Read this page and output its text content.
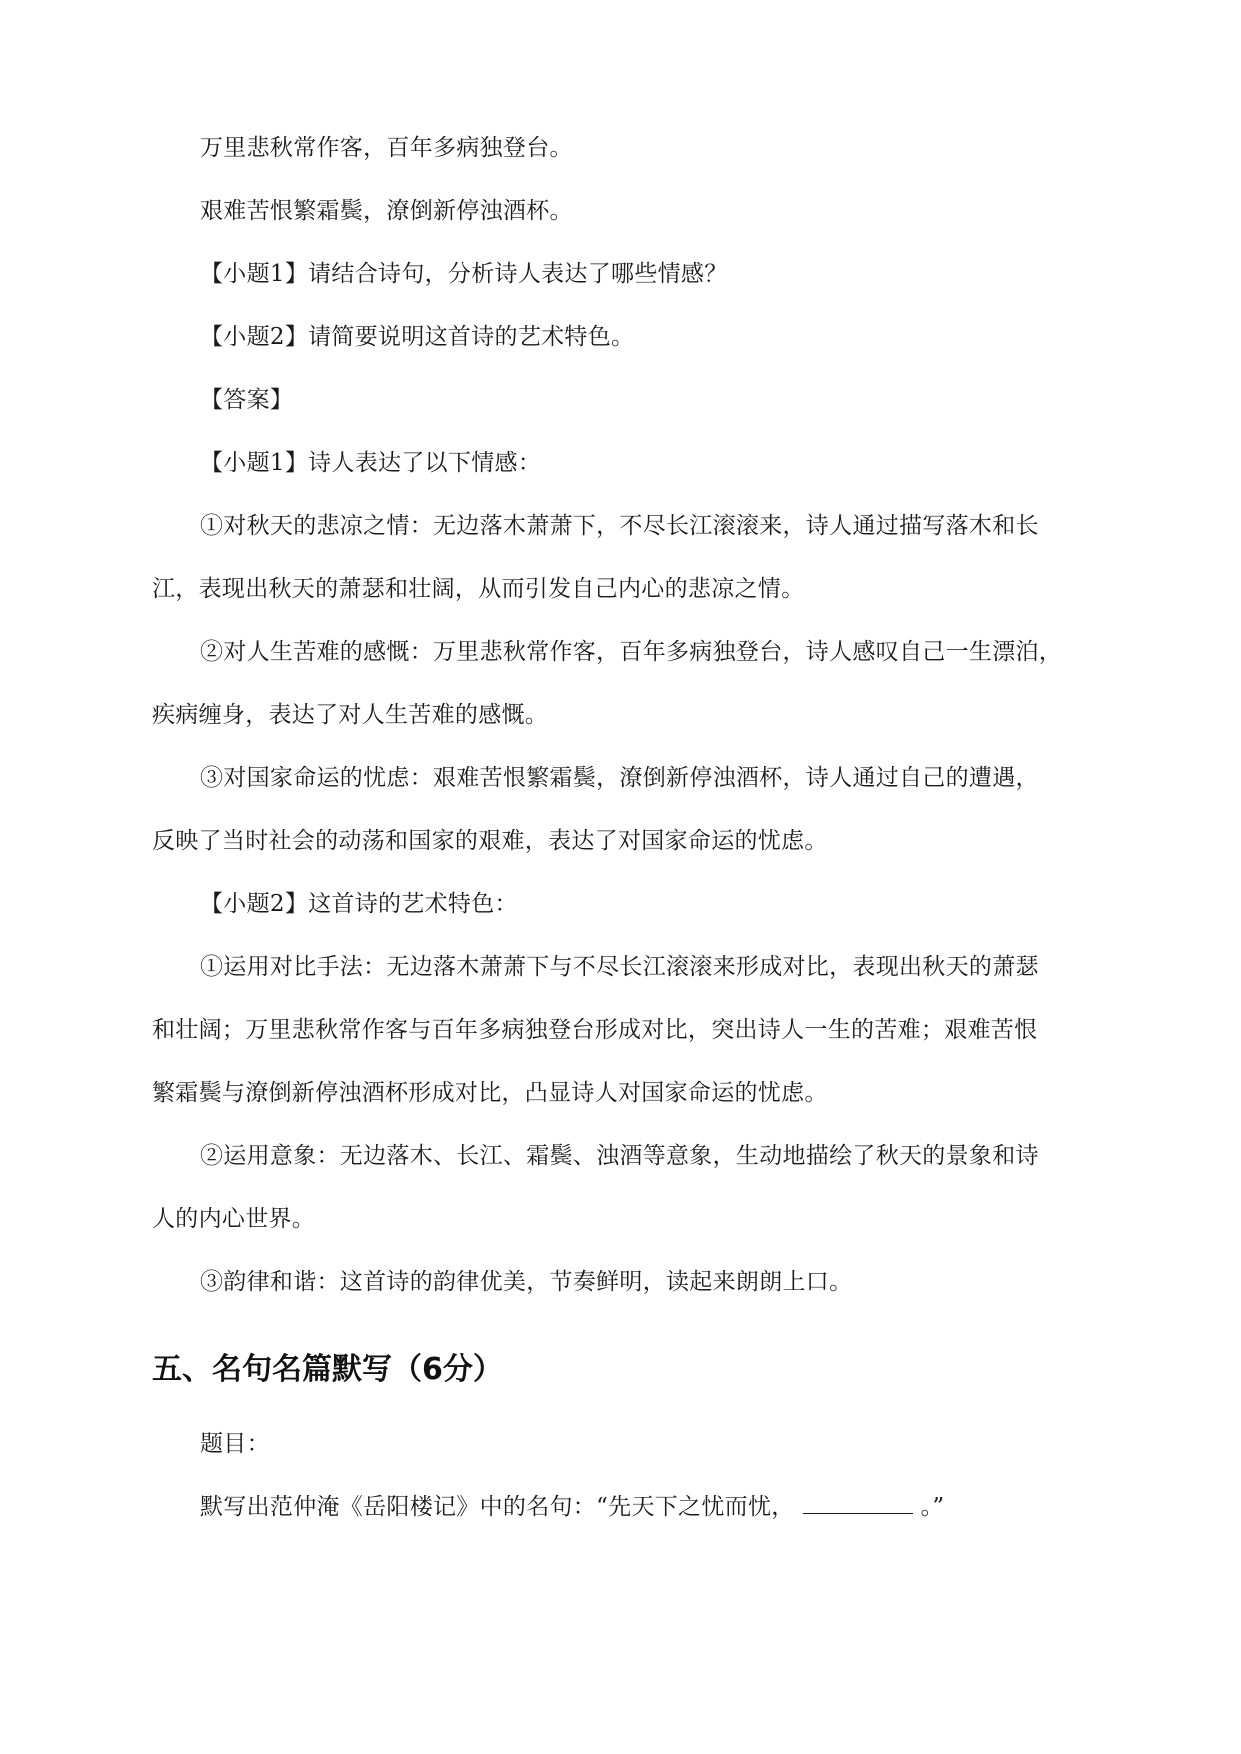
万里悲秋常作客，百年多病独登台。
艰难苦恨繁霜鬓，潦倒新停浊酒杯。
【小题1】请结合诗句，分析诗人表达了哪些情感？
【小题2】请简要说明这首诗的艺术特色。
【答案】
【小题1】诗人表达了以下情感：
①对秋天的悲凉之情：无边落木萧萧下，不尽长江滚滚来，诗人通过描写落木和长
江，表现出秋天的萧瑟和壮阔，从而引发自己内心的悲凉之情。
②对人生苦难的感慨：万里悲秋常作客，百年多病独登台，诗人感叹自己一生漂泊，
疾病缠身，表达了对人生苦难的感慨。
③对国家命运的忧虑：艰难苦恨繁霜鬓，潦倒新停浊酒杯，诗人通过自己的遭遇，
反映了当时社会的动荡和国家的艰难，表达了对国家命运的忧虑。
【小题2】这首诗的艺术特色：
①运用对比手法：无边落木萧萧下与不尽长江滚滚来形成对比，表现出秋天的萧瑟
和壮阔；万里悲秋常作客与百年多病独登台形成对比，突出诗人一生的苦难；艰难苦恨
繁霜鬓与潦倒新停浊酒杯形成对比，凸显诗人对国家命运的忧虑。
②运用意象：无边落木、长江、霜鬓、浊酒等意象，生动地描绘了秋天的景象和诗
人的内心世界。
③韵律和谐：这首诗的韵律优美，节奏鲜明，读起来朗朗上口。
五、名句名篇默写（6分）
题目：
默写出范仲淹《岳阳楼记》中的名句：“先天下之忧而忧，	。”
